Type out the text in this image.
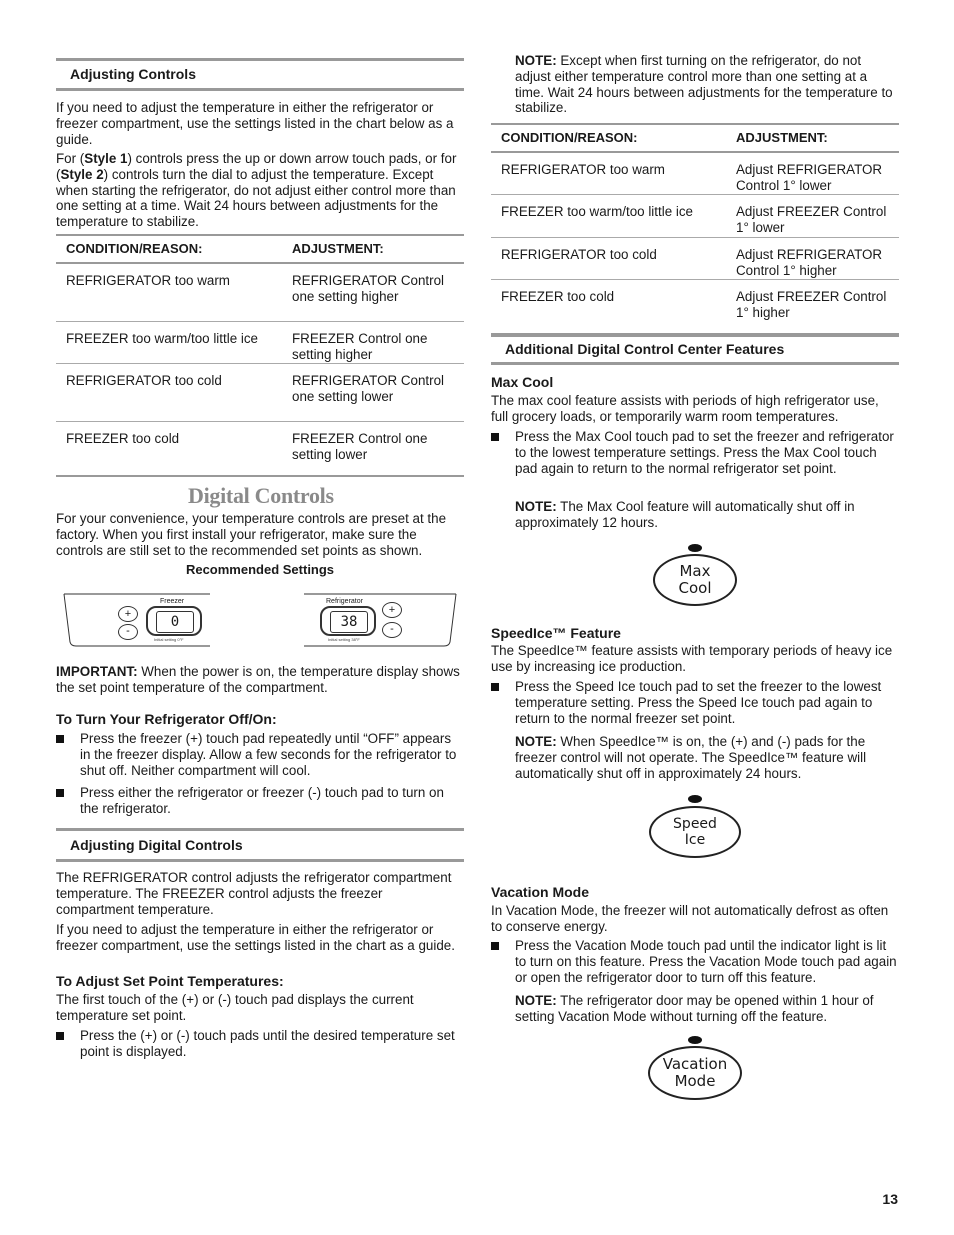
Adjusting Controls

If you need to adjust the temperature in either the refrigerator or freezer compartment, use the settings listed in the chart below as a guide.

For (Style 1) controls press the up or down arrow touch pads, or for (Style 2) controls turn the dial to adjust the temperature. Except when starting the refrigerator, do not adjust either control more than one setting at a time. Wait 24 hours between adjustments for the temperature to stabilize.

CONDITION/REASON:	ADJUSTMENT:
REFRIGERATOR too warm	REFRIGERATOR Control one setting higher
FREEZER too warm/too little ice	FREEZER Control one setting higher
REFRIGERATOR too cold	REFRIGERATOR Control one setting lower
FREEZER too cold	FREEZER Control one setting lower
Digital Controls

For your convenience, your temperature controls are preset at the factory. When you first install your refrigerator, make sure the controls are still set to the recommended set points as shown.

Recommended Settings
Freezer
+
-
0
Initial setting 0°F
Refrigerator
38
+
-
Initial setting 38°F

IMPORTANT: When the power is on, the temperature display shows the set point temperature of the compartment.

To Turn Your Refrigerator Off/On:
Press the freezer (+) touch pad repeatedly until “OFF” appears in the freezer display. Allow a few seconds for the refrigerator to shut off. Neither compartment will cool.
Press either the refrigerator or freezer (-) touch pad to turn on the refrigerator.
Adjusting Digital Controls

The REFRIGERATOR control adjusts the refrigerator compartment temperature. The FREEZER control adjusts the freezer compartment temperature.

If you need to adjust the temperature in either the refrigerator or freezer compartment, use the settings listed in the chart as a guide.

To Adjust Set Point Temperatures:

The first touch of the (+) or (-) touch pad displays the current temperature set point.

Press the (+) or (-) touch pads until the desired temperature set point is displayed.

NOTE: Except when first turning on the refrigerator, do not adjust either temperature control more than one setting at a time. Wait 24 hours between adjustments for the temperature to stabilize.

CONDITION/REASON:	ADJUSTMENT:
REFRIGERATOR too warm	Adjust REFRIGERATOR Control 1° lower
FREEZER too warm/too little ice	Adjust FREEZER Control 1° lower
REFRIGERATOR too cold	Adjust REFRIGERATOR Control 1° higher
FREEZER too cold	Adjust FREEZER Control 1° higher
Additional Digital Control Center Features
Max Cool

The max cool feature assists with periods of high refrigerator use, full grocery loads, or temporarily warm room temperatures.

Press the Max Cool touch pad to set the freezer and refrigerator to the lowest temperature settings. Press the Max Cool touch pad again to return to the normal refrigerator set point.

NOTE: The Max Cool feature will automatically shut off in approximately 12 hours.

Max
Cool
SpeedIce™ Feature

The SpeedIce™ feature assists with temporary periods of heavy ice use by increasing ice production.

Press the Speed Ice touch pad to set the freezer to the lowest temperature setting. Press the Speed Ice touch pad again to return to the normal freezer set point.

NOTE: When SpeedIce™ is on, the (+) and (-) pads for the freezer control will not operate. The SpeedIce™ feature will automatically shut off in approximately 24 hours.

Speed
Ice
Vacation Mode

In Vacation Mode, the freezer will not automatically defrost as often to conserve energy.

Press the Vacation Mode touch pad until the indicator light is lit to turn on this feature. Press the Vacation Mode touch pad again or open the refrigerator door to turn off this feature.

NOTE: The refrigerator door may be opened within 1 hour of setting Vacation Mode without turning off the feature.

Vacation
Mode
13
